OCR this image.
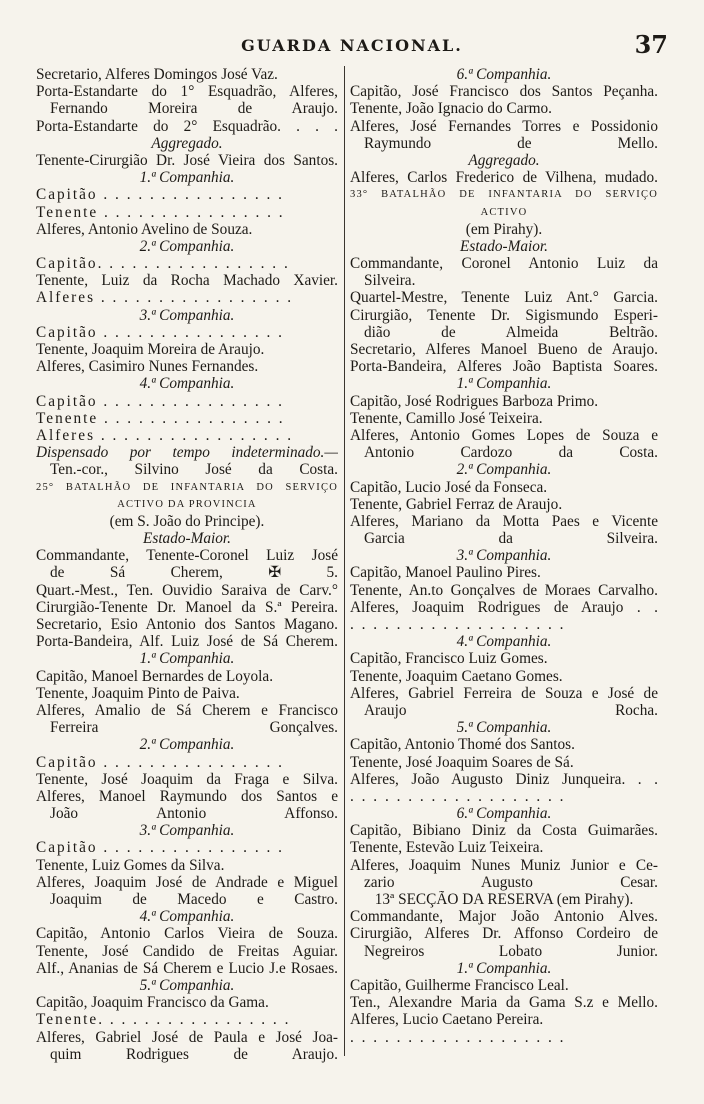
GUARDA NACIONAL.	37
Secretario, Alferes Domingos José Vaz.
Porta-Estandarte do 1° Esquadrão, Alferes,
Fernando Moreira de Araujo.
Porta-Estandarte do 2° Esquadrão. . . .
Aggregado.
Tenente-Cirurgião Dr. José Vieira dos Santos.
1.ª Companhia.
Capitão . . . . . . . . . . . . . . . .
Tenente . . . . . . . . . . . . . . . .
Alferes, Antonio Avelino de Souza.
2.ª Companhia.
Capitão. . . . . . . . . . . . . . . . .
Tenente, Luiz da Rocha Machado Xavier.
Alferes . . . . . . . . . . . . . . . . .
3.ª Companhia.
Capitão . . . . . . . . . . . . . . . .
Tenente, Joaquim Moreira de Araujo.
Alferes, Casimiro Nunes Fernandes.
4.ª Companhia.
Capitão . . . . . . . . . . . . . . . .
Tenente . . . . . . . . . . . . . . . .
Alferes . . . . . . . . . . . . . . . . .
Dispensado por tempo indeterminado.—
Ten.-cor., Silvino José da Costa.
25° BATALHÃO DE INFANTARIA DO SERVIÇO
ACTIVO DA PROVINCIA
(em S. João do Principe).
Estado-Maior.
Commandante, Tenente-Coronel Luiz José
de Sá Cherem, ✠ 5.
Quart.-Mest., Ten. Ouvidio Saraiva de Carv.°
Cirurgião-Tenente Dr. Manoel da S.ª Pereira.
Secretario, Esio Antonio dos Santos Magano.
Porta-Bandeira, Alf. Luiz José de Sá Cherem.
1.ª Companhia.
Capitão, Manoel Bernardes de Loyola.
Tenente, Joaquim Pinto de Paiva.
Alferes, Amalio de Sá Cherem e Francisco
Ferreira Gonçalves.
2.ª Companhia.
Capitão . . . . . . . . . . . . . . . .
Tenente, José Joaquim da Fraga e Silva.
Alferes, Manoel Raymundo dos Santos e
João Antonio Affonso.
3.ª Companhia.
Capitão . . . . . . . . . . . . . . . .
Tenente, Luiz Gomes da Silva.
Alferes, Joaquim José de Andrade e Miguel
Joaquim de Macedo e Castro.
4.ª Companhia.
Capitão, Antonio Carlos Vieira de Souza.
Tenente, José Candido de Freitas Aguiar.
Alf., Ananias de Sá Cherem e Lucio J.e Rosaes.
5.ª Companhia.
Capitão, Joaquim Francisco da Gama.
Tenente. . . . . . . . . . . . . . . . .
Alferes, Gabriel José de Paula e José Joa-
quim Rodrigues de Araujo.
6.ª Companhia.
Capitão, José Francisco dos Santos Peçanha.
Tenente, João Ignacio do Carmo.
Alferes, José Fernandes Torres e Possidonio
Raymundo de Mello.
Aggregado.
Alferes, Carlos Frederico de Vilhena, mudado.
33° BATALHÃO DE INFANTARIA DO SERVIÇO
ACTIVO
(em Pirahy).
Estado-Maior.
Commandante, Coronel Antonio Luiz da
Silveira.
Quartel-Mestre, Tenente Luiz Ant.° Garcia.
Cirurgião, Tenente Dr. Sigismundo Esperi-
dião de Almeida Beltrão.
Secretario, Alferes Manoel Bueno de Araujo.
Porta-Bandeira, Alferes João Baptista Soares.
1.ª Companhia.
Capitão, José Rodrigues Barboza Primo.
Tenente, Camillo José Teixeira.
Alferes, Antonio Gomes Lopes de Souza e
Antonio Cardozo da Costa.
2.ª Companhia.
Capitão, Lucio José da Fonseca.
Tenente, Gabriel Ferraz de Araujo.
Alferes, Mariano da Motta Paes e Vicente
Garcia da Silveira.
3.ª Companhia.
Capitão, Manoel Paulino Pires.
Tenente, An.to Gonçalves de Moraes Carvalho.
Alferes, Joaquim Rodrigues de Araujo . .
. . . . . . . . . . . . . . . . . . .
4.ª Companhia.
Capitão, Francisco Luiz Gomes.
Tenente, Joaquim Caetano Gomes.
Alferes, Gabriel Ferreira de Souza e José de
Araujo Rocha.
5.ª Companhia.
Capitão, Antonio Thomé dos Santos.
Tenente, José Joaquim Soares de Sá.
Alferes, João Augusto Diniz Junqueira. . .
. . . . . . . . . . . . . . . . . . .
6.ª Companhia.
Capitão, Bibiano Diniz da Costa Guimarães.
Tenente, Estevão Luiz Teixeira.
Alferes, Joaquim Nunes Muniz Junior e Ce-
zario Augusto Cesar.
13ª SECÇÃO DA RESERVA (em Pirahy).
Commandante, Major João Antonio Alves.
Cirurgião, Alferes Dr. Affonso Cordeiro de
Negreiros Lobato Junior.
1.ª Companhia.
Capitão, Guilherme Francisco Leal.
Ten., Alexandre Maria da Gama S.z e Mello.
Alferes, Lucio Caetano Pereira.
. . . . . . . . . . . . . . . . . . .
